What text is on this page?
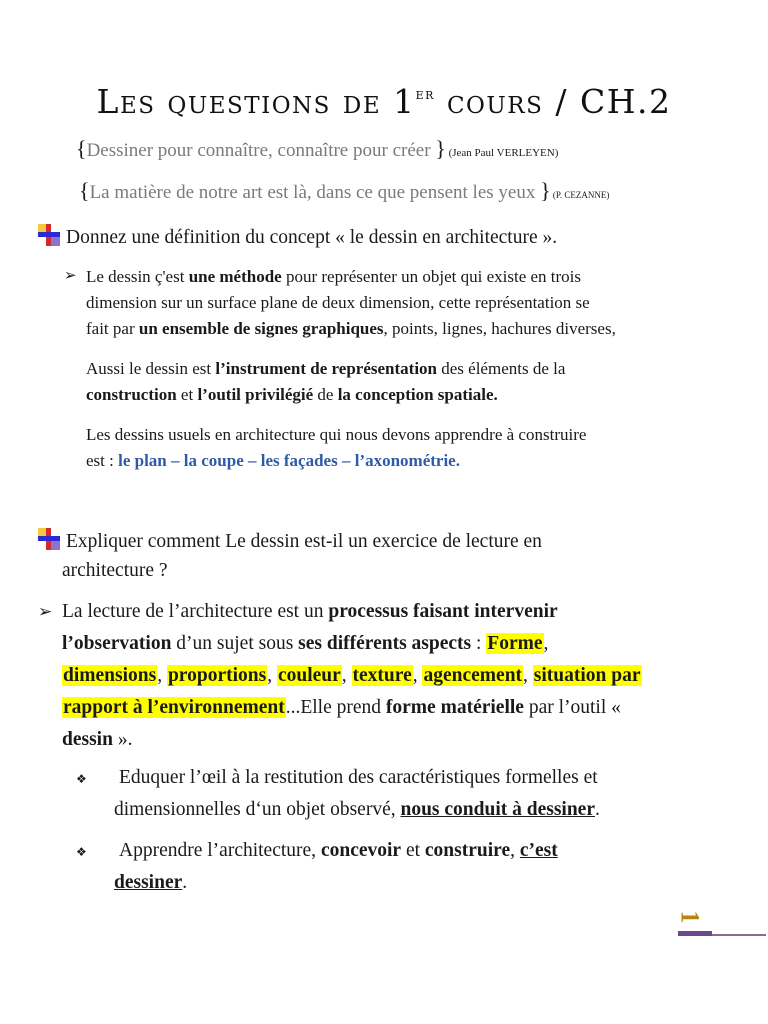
Les questions de 1er cours / CH.2
{Dessiner pour connaître, connaître pour créer } (Jean Paul VERLEYEN)
{La matière de notre art est là, dans ce que pensent les yeux } (P. CEZANNE)
Donnez une définition du concept « le dessin en architecture ».
➢ Le dessin ç'est une méthode pour représenter un objet qui existe en trois
dimension sur un surface plane de deux dimension, cette représentation se
fait par un ensemble de signes graphiques, points, lignes, hachures diverses,
Aussi le dessin est l’instrument de représentation des éléments de la
construction et l’outil privilégié de la conception spatiale.
Les dessins usuels en architecture qui nous devons apprendre à construire
est : le plan – la coupe – les façades – l’axonométrie.
Expliquer comment Le dessin est-il un exercice de lecture en
architecture ?
➢ La lecture de l’architecture est un processus faisant intervenir
l’observation d’un sujet sous ses différents aspects : Forme,
dimensions, proportions, couleur, texture, agencement, situation par
rapport à l’environnement...Elle prend forme matérielle par l’outil «
dessin ».
❖ Eduquer l’œil à la restitution des caractéristiques formelles et
dimensionnelles d‘un objet observé, nous conduit à dessiner.
❖ Apprendre l’architecture, concevoir et construire, c’est
dessiner.
1
